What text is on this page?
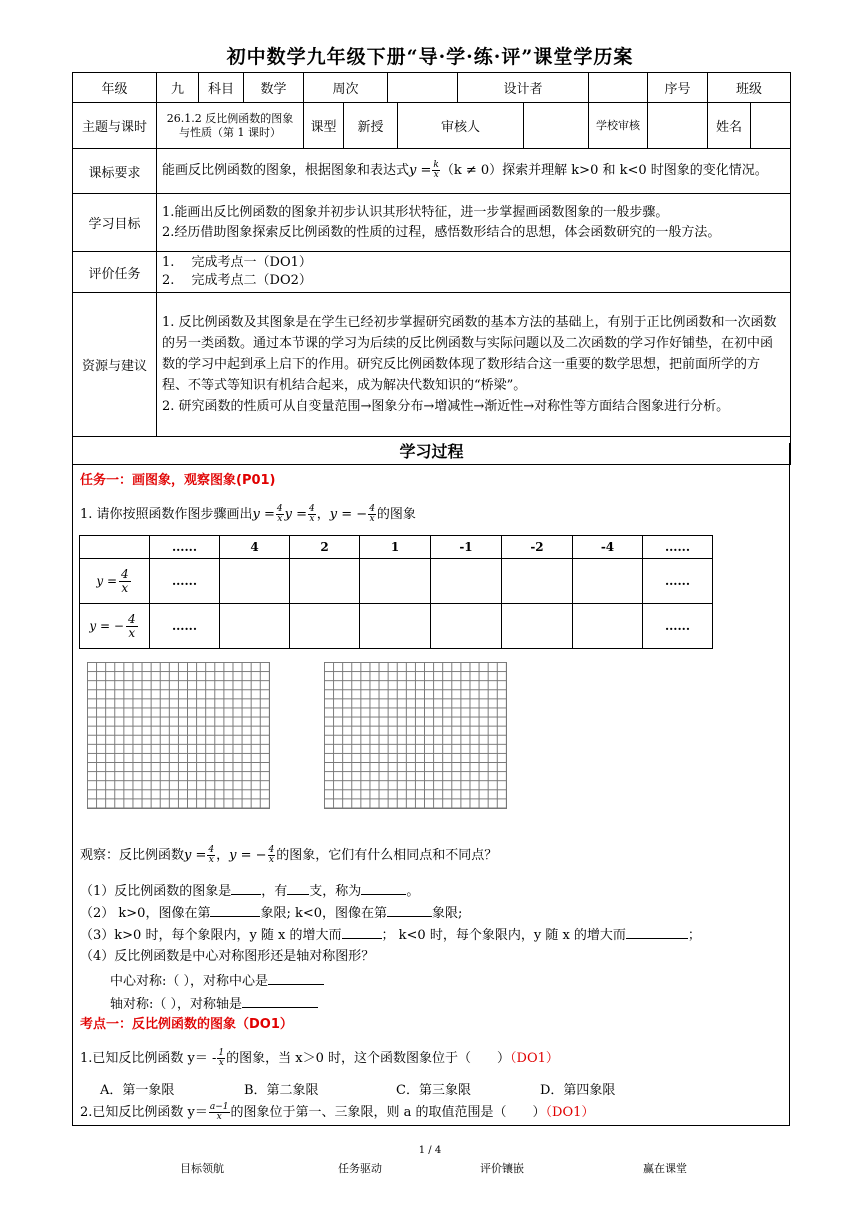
初中数学九年级下册“导·学·练·评”课堂学历案
年级	九	科目	数学	周次				设计者			序号	班级	
主题与课时	26.1.2 反比例函数的图象与性质（第 1 课时）			课型	新授		审核人			学校审核		姓名	
课标要求	能画反比例函数的图象，根据图象和表达式$y = \frac{k}{x} (k \ne 0)$探索并理解 k>0 和 k<0 时图象的变化情况。												
学习目标	1.能画出反比例函数的图象并初步认识其形状特征，进一步掌握画函数图象的一般步骤。
2.经历借助图象探索反比例函数的性质的过程，感悟数形结合的思想，体会函数研究的一般方法。												

评价任务	1.　 完成考点一（DO1）
2.　 完成考点二（DO2）												

资源与建议	1. 反比例函数及其图象是在学生已经初步掌握研究函数的基本方法的基础上，有别于正比例函数和一次函数的另一类函数。通过本节课的学习为后续的反比例函数与实际问题以及二次函数的学习作好铺垫，在初中函数的学习中起到承上启下的作用。研究反比例函数体现了数形结合这一重要的数学思想，把前面所学的方程、不等式等知识有机结合起来，成为解决代数知识的“桥梁”。
2. 研究函数的性质可从自变量范围→图象分布→增减性→渐近性→对称性等方面结合图象进行分析。												

学习过程													
任务一：画图象，观察图象(P01)
1. 请你按照函数作图步骤画出$y = \frac{4}{x}$ $y = \frac{4}{x}$ ，y = − $\frac{4}{x}$ 的图象
	......	4	2	1	-1	-2	-4	......
$y = \frac{4}{x}$	......							......
y = − $\frac{4}{x}$	......							......
观察：反比例函数$y = \frac{4}{x}$ ，y = − $\frac{4}{x}$ 的图象，它们有什么相同点和不同点？
（1）反比例函数的图象是 ，有 支，称为	。
（2） k>0，图像在第	象限; k<0，图像在第	象限;
（3）k>0 时，每个象限内，y 随 x 的增大而	； k<0 时，每个象限内，y 随 x 的增大而	；
（4）反比例函数是中心对称图形还是轴对称图形？
中心对称:（ ），对称中心是
轴对称:（ ），对称轴是
考点一：反比例函数的图象（DO1）
1.已知反比例函数 $y= - \frac{1}{x}$ 的图象，当 x＞0 时，这个函数图象位于（　　）（DO1）
A．第一象限	B．第二象限	C．第三象限	D．第四象限
2.已知反比例函数 $y= \frac{a-1}{x}$ 的图象位于第一、三象限，则 a 的取值范围是（　　）（DO1）
1 / 4
目标领航	任务驱动	评价镶嵌	赢在课堂
